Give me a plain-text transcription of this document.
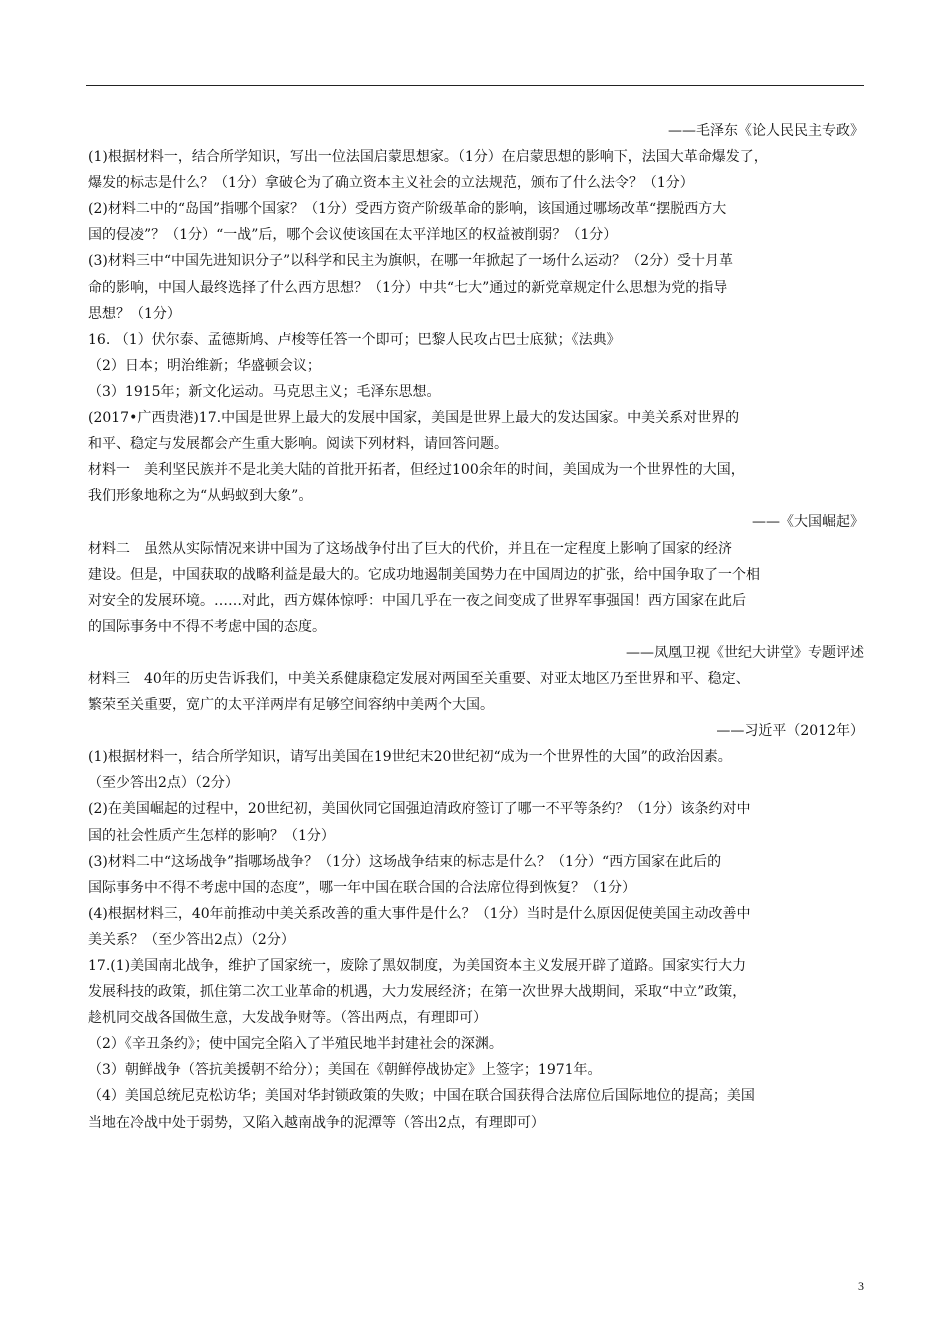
——毛泽东《论人民民主专政》
(1)根据材料一，结合所学知识，写出一位法国启蒙思想家。（1分）在启蒙思想的影响下，法国大革命爆发了，
爆发的标志是什么？（1分）拿破仑为了确立资本主义社会的立法规范，颁布了什么法令？（1分）
(2)材料二中的“岛国”指哪个国家？（1分）受西方资产阶级革命的影响，该国通过哪场改革“摆脱西方大
国的侵凌”？（1分）“一战”后，哪个会议使该国在太平洋地区的权益被削弱？（1分）
(3)材料三中“中国先进知识分子”以科学和民主为旗帜，在哪一年掀起了一场什么运动？（2分）受十月革
命的影响，中国人最终选择了什么西方思想？（1分）中共“七大”通过的新党章规定什么思想为党的指导
思想？（1分）
16. （1）伏尔泰、孟德斯鸠、卢梭等任答一个即可；巴黎人民攻占巴士底狱；《法典》
（2）日本；明治维新；华盛顿会议；
（3）1915年；新文化运动。马克思主义；毛泽东思想。
(2017•广西贵港)17.中国是世界上最大的发展中国家，美国是世界上最大的发达国家。中美关系对世界的
和平、稳定与发展都会产生重大影响。阅读下列材料，请回答问题。
材料一　美利坚民族并不是北美大陆的首批开拓者，但经过100余年的时间，美国成为一个世界性的大国，
我们形象地称之为“从蚂蚁到大象”。
——《大国崛起》
材料二　虽然从实际情况来讲中国为了这场战争付出了巨大的代价，并且在一定程度上影响了国家的经济
建设。但是，中国获取的战略利益是最大的。它成功地遏制美国势力在中国周边的扩张，给中国争取了一个相
对安全的发展环境。……对此，西方媒体惊呼：中国几乎在一夜之间变成了世界军事强国！西方国家在此后
的国际事务中不得不考虑中国的态度。
——凤凰卫视《世纪大讲堂》专题评述
材料三　40年的历史告诉我们，中美关系健康稳定发展对两国至关重要、对亚太地区乃至世界和平、稳定、
繁荣至关重要，宽广的太平洋两岸有足够空间容纳中美两个大国。
——习近平（2012年）
(1)根据材料一，结合所学知识，请写出美国在19世纪末20世纪初“成为一个世界性的大国”的政治因素。
（至少答出2点）（2分）
(2)在美国崛起的过程中，20世纪初，美国伙同它国强迫清政府签订了哪一不平等条约？（1分）该条约对中
国的社会性质产生怎样的影响？（1分）
(3)材料二中“这场战争”指哪场战争？（1分）这场战争结束的标志是什么？（1分）“西方国家在此后的
国际事务中不得不考虑中国的态度”，哪一年中国在联合国的合法席位得到恢复？（1分）
(4)根据材料三，40年前推动中美关系改善的重大事件是什么？（1分）当时是什么原因促使美国主动改善中
美关系？（至少答出2点）（2分）
17.(1)美国南北战争，维护了国家统一，废除了黑奴制度，为美国资本主义发展开辟了道路。国家实行大力
发展科技的政策，抓住第二次工业革命的机遇，大力发展经济；在第一次世界大战期间，采取“中立”政策，
趁机同交战各国做生意，大发战争财等。（答出两点，有理即可）
（2）《辛丑条约》；使中国完全陷入了半殖民地半封建社会的深渊。
（3）朝鲜战争（答抗美援朝不给分）；美国在《朝鲜停战协定》上签字；1971年。
（4）美国总统尼克松访华；美国对华封锁政策的失败；中国在联合国获得合法席位后国际地位的提高；美国
当地在冷战中处于弱势，又陷入越南战争的泥潭等（答出2点，有理即可）
3
